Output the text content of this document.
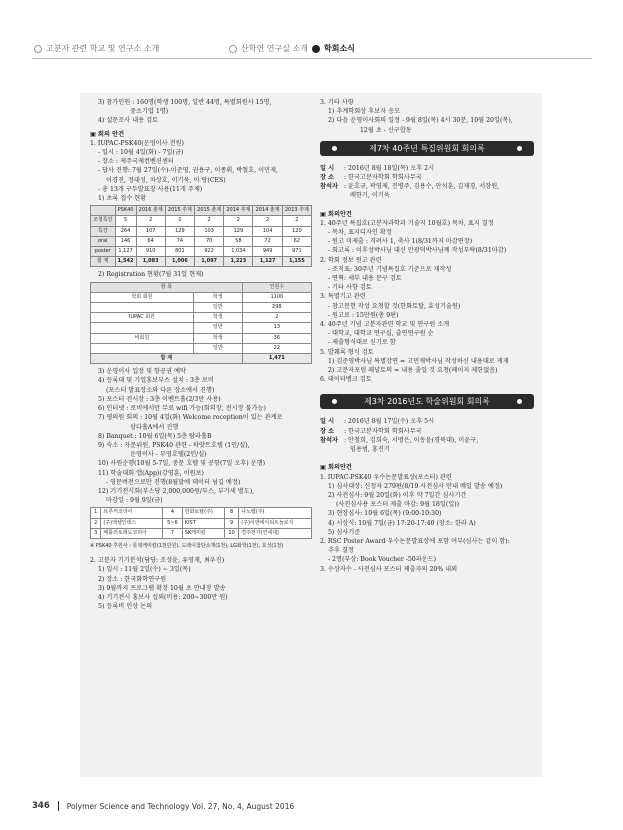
고분자 관련 학교 및 연구소 소개	산학연 연구실 소개 학회소식
3) 참가인원 : 160명(학생 100명, 일반 44명, 특별회원사 15명,
중소기업 1명)
4) 설문조사 내용 검토
▣ 회의 안건
1. IUPAC-PSK40(운영이사 전원)
- 일시 : 10월 4일(화) - 7일(금)
- 장소 : 제주국제컨벤션센터
- 답사 진행: 7월 27일(수)-이준영, 권용구, 이종휘, 박철호, 이민재,
이경진, 정대성, 차상호, 이기욱, 이 랑(CES)
- 총 13개 구두발표장 사용(11개 주제)
1) 초록 접수 현황
	PSK40	2016 춘계	2015 추계	2015 춘계	2014 추계	2014 춘계	2013 추계
조청특강	5	2	2	2	2	2	2
특강	264	107	129	103	129	104	120
oral	146	64	74	70	58	72	62
poster	1,127	910	801	922	1,034	949	971
합 계	1,542	1,083	1,006	1,097	1,223	1,127	1,155
2) Registration 현황(7월 31일 현재)
항 목		인원수
학회 회원	학생	1100
	일반	298
IUPAC 회원	학생	2
	일반	13
비회원	학생	36
	일반	22
합 계		1,471
3) 운영이사 입장 및 항공권 예약
4) 등록대 및 기업홍보부스 설치 : 3층 로비
(포스터 발표장소와 다른 장소에서 진행)
5) 포스터 전시장 : 3층 이벤트홀(2/3만 사용)
6) 인터넷 : 로비에서만 무료 wifi 가능(회의장, 전시장 불가능)
7) 평의원 회의 : 10월 4일(화) Welcome reception이 있는 관계로
삼다홀A에서 진행
8) Banquet : 10월 6일(목) 5층 탐라홀B
9) 숙소 : 자문위원, PSK40 관련 - 하얏트호텔 (1인/실),
운영이사 - 부영호텔(2인/실)
10) 사원순행(10월 5-7일, 중문 호텔 및 공항(7일 오후) 운행)
11) 학술대회 앱(App)(강영훈, 이원보)
- 영문버전으로만 진행(8월말에 데이터 넘길 예정)
12) 기기전시회(부스당 2,000,000원/부스, 부가세 별도),
마감일 : 9월 9일(금)
1	브루커코리아	4	한화토탈(주)	8	나노랩(주)
2	(주)엑셀인데스	5~6	KIST	9	(주)이앤에이티트놀로지
3	메틀러토레도코리아	7	SK케미칼	10	경주전자(연세대)
※ PSK40 후원사 : 롯데케미칼(1천만원), 도레이첨단소재(1천), LG화학(1천), 효성(1천)
2. 고분자 기기분석(담당: 조성윤, 유영재, 최우진)
1) 일시 : 11월 2일(수) ~ 3일(목)
2) 장소 : 한국화학연구원
3) 9월까지 프로그램 확정 10월 초 안내장 발송
4) 기기전시 홍보사 섭외(비용: 200~300만 원)
5) 등록비 인상 논의
3. 기타 사항
1) 추계학회상 후보자 응모
2) 다음 운영이사회의 일정 - 9월 8일(목) 4시 30분, 10월 20일(목),
12월 초 - 신구합동
제7차 40주년 특집위원회 회의록
일 시	: 2016년 8월 18일(목) 오후 2시
장 소	: 한국고분자학회 학회사무국
참석자 : 윤호규, 곽영제, 진병주, 김용수, 안석훈, 김재경, 서장원,
배한기, 이기욱
▣ 회의안건
1. 40주년 특집호(고분자과학과 기술지 10월호) 목차, 표지 결정
- 목차, 표지디자인 확정
- 원고 미제출 : 격려사 1, 축사 1(8/31까지 마감연장)
- 회고록 : 이후성박사님 대신 안광덕박사님께 작성부탁(8/31마감)
2. 학회 정보 원고 관련
- 조직표: 30주년 기념특집호 기준으로 재작성
- 연혁: 세부 내용 문구 검토
- 기타 사항 검토
3. 특별기고 관련
- 참고문헌 작성 요청할 것(한화토탈, 효성기술원)
- 원고료 : 15만원(총 9편)
4. 40주년 기념 고분자관련 학교 및 연구원 소개
- 대학교, 대학교 연구실, 출연연구원 순
- 제출형식대로 싣기로 함
5. 발췌록 형식 검토
1) 김준영박사님 특별강연 = 고민재박사님 작성하신 내용대로 게재
2) 고분자포럼 패널토의 = 내용 줄일 것 요청(페이지 제한없음)
6. 데이터뱅크 검토
제3차 2016년도 학술위원회 회의록
일 시	: 2016년 8월 17일(수) 오후 5시
장 소	: 한국고분자학회 학회사무국
참석자 : 안철희, 김희숙, 서명은, 이동윤(경북대), 이윤구,
임용범, 홍진기
▣ 회의안건
1. IUPAC-PSK40 우수논문발표상(포스터) 관련
1) 심사대상: 신청자 279편(8/19 사전심사 안내 메일 발송 예정)
2) 사전심사: 9월 20일(화) 이후 약 7일간 심사기간
(사전심사용 포스터 제출 마감: 9월 18일(일))
3) 현장심사: 10월 6일(목) (9:00-10:30)
4) 시상식: 10월 7일(금) 17:20-17:40 (장소: 한라 A)
5) 심사기준
2. RSC Poster Award 우수논문발표상에 포함 여부(심사는 같이 함):
추후 결정
- 2명(부상: Book Voucher -50파운드)
3. 수상자수 - 사전심사 포스터 제출자의 20% 내외
346 Polymer Science and Technology Vol. 27, No. 4, August 2016
